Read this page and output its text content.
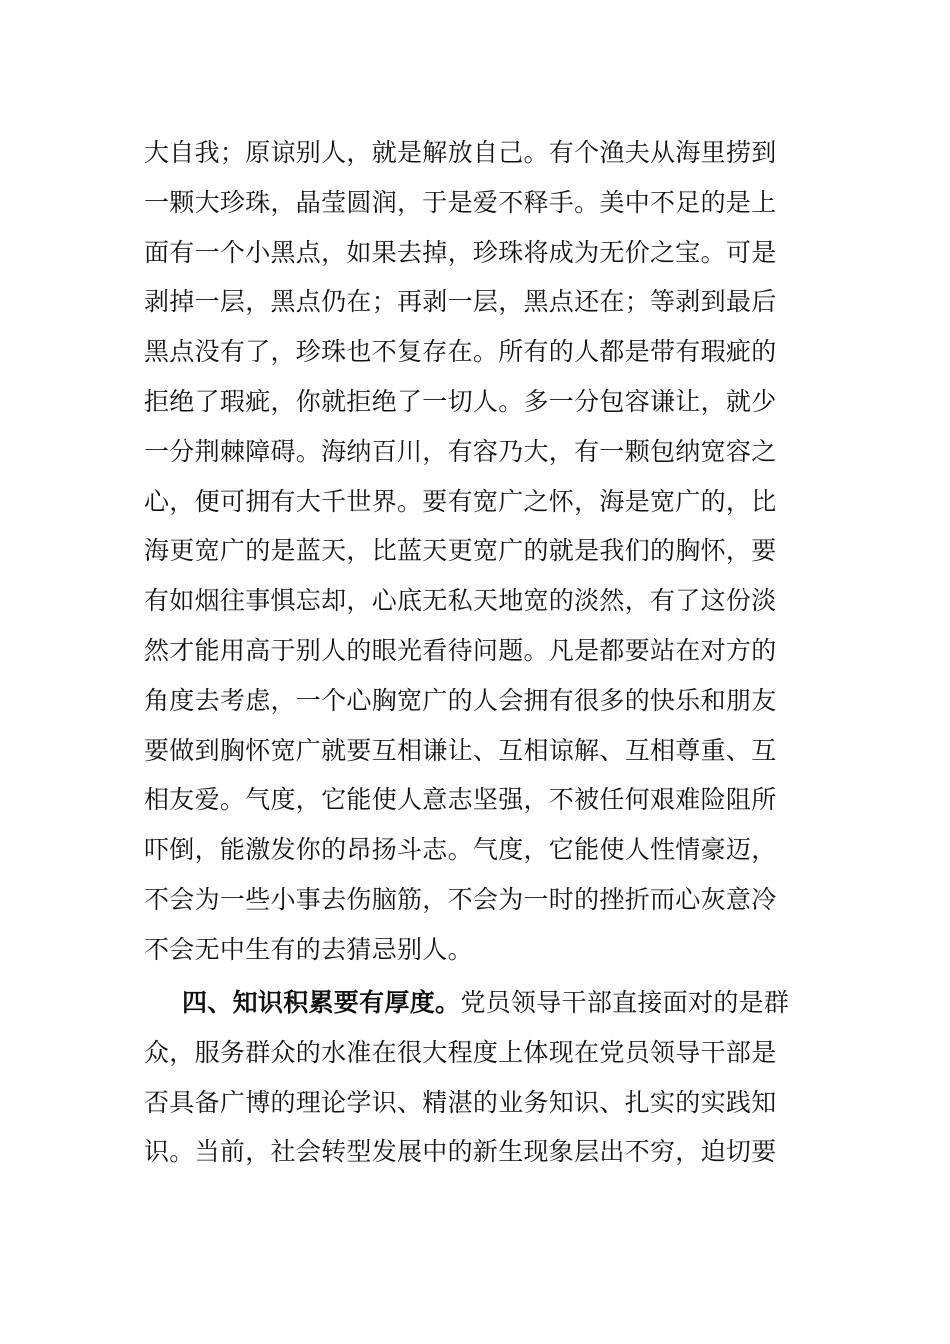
大自我；原谅别人，就是解放自己。有个渔夫从海里捞到
一颗大珍珠，晶莹圆润，于是爱不释手。美中不足的是上
面有一个小黑点，如果去掉，珍珠将成为无价之宝。可是
剥掉一层，黑点仍在；再剥一层，黑点还在；等剥到最后
黑点没有了，珍珠也不复存在。所有的人都是带有瑕疵的
拒绝了瑕疵，你就拒绝了一切人。多一分包容谦让，就少
一分荆棘障碍。海纳百川，有容乃大，有一颗包纳宽容之
心，便可拥有大千世界。要有宽广之怀，海是宽广的，比
海更宽广的是蓝天，比蓝天更宽广的就是我们的胸怀，要
有如烟往事惧忘却，心底无私天地宽的淡然，有了这份淡
然才能用高于别人的眼光看待问题。凡是都要站在对方的
角度去考虑，一个心胸宽广的人会拥有很多的快乐和朋友
要做到胸怀宽广就要互相谦让、互相谅解、互相尊重、互
相友爱。气度，它能使人意志坚强，不被任何艰难险阻所
吓倒，能激发你的昂扬斗志。气度，它能使人性情豪迈，
不会为一些小事去伤脑筋，不会为一时的挫折而心灰意冷
不会无中生有的去猜忌别人。
四、知识积累要有厚度。党员领导干部直接面对的是群
众，服务群众的水准在很大程度上体现在党员领导干部是
否具备广博的理论学识、精湛的业务知识、扎实的实践知
识。当前，社会转型发展中的新生现象层出不穷，迫切要
